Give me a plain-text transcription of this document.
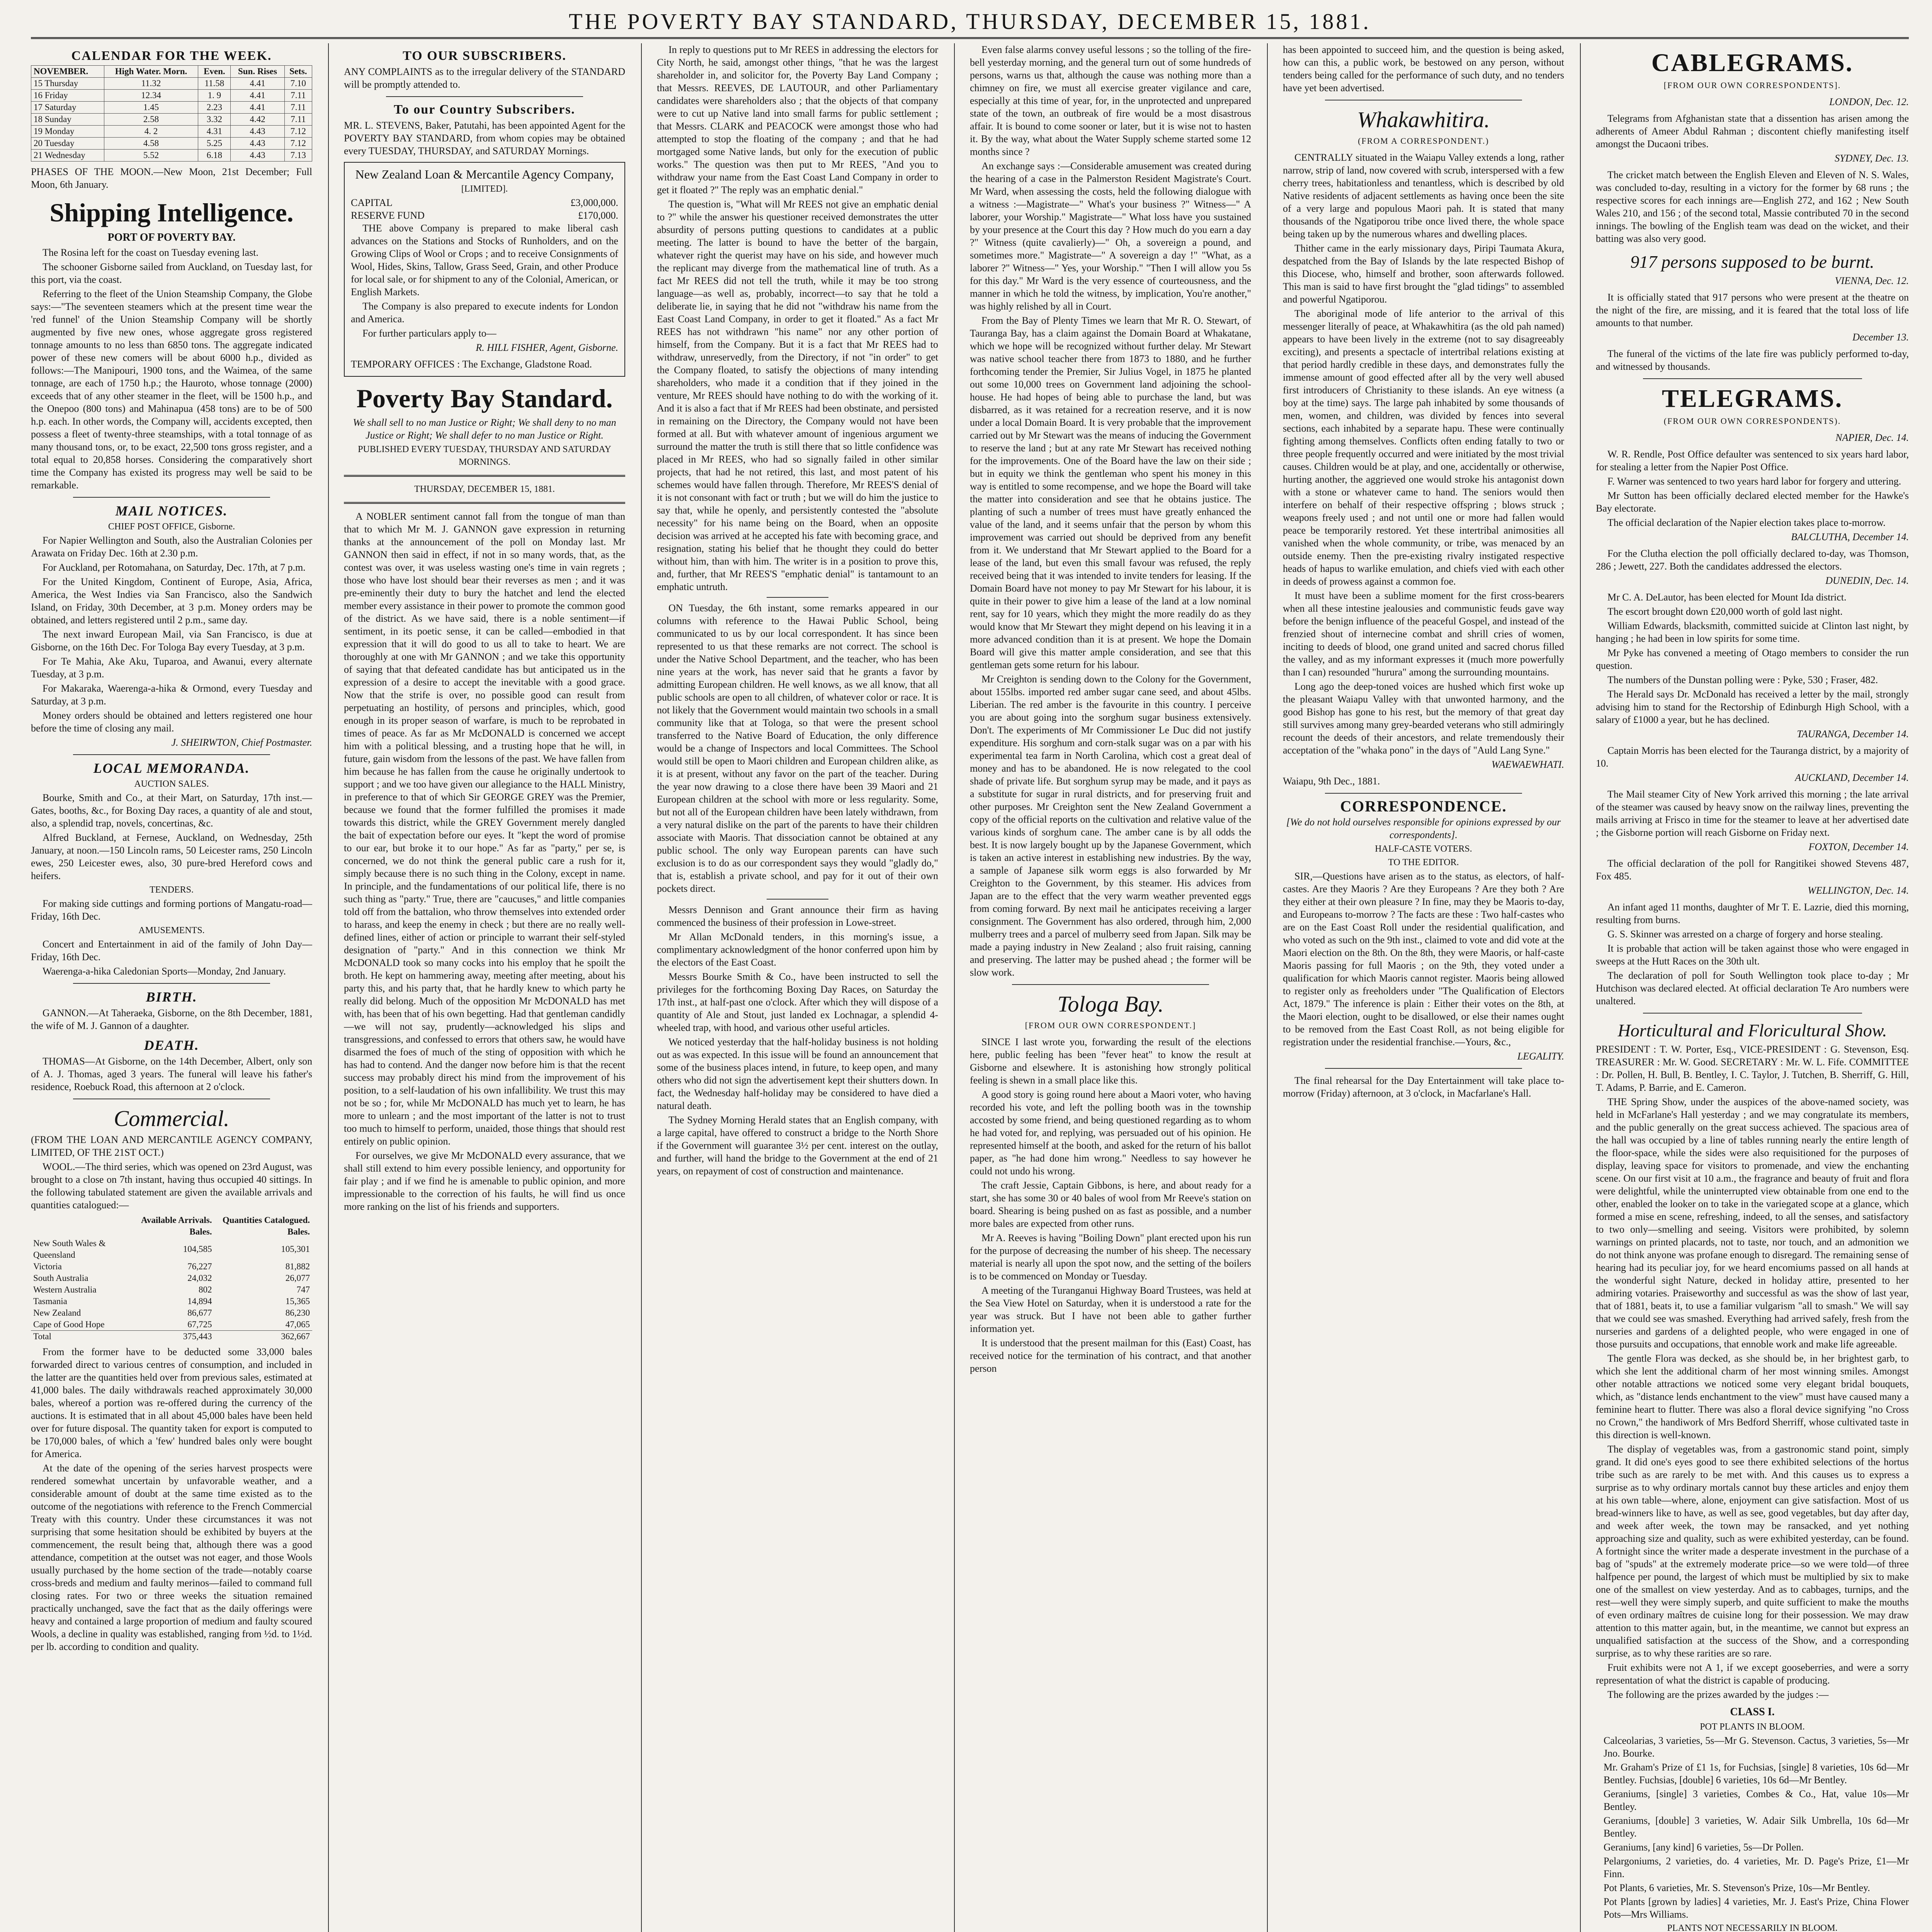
THE POVERTY BAY STANDARD, THURSDAY, DECEMBER 15, 1881.
CALENDAR FOR THE WEEK.
NOVEMBER.	High Water. Morn.	Even.	Sun. Rises	Sets.
15 Thursday	11.32	11.58	4.41	7.10
16 Friday	12.34	1. 9	4.41	7.11
17 Saturday	1.45	2.23	4.41	7.11
18 Sunday	2.58	3.32	4.42	7.11
19 Monday	4. 2	4.31	4.43	7.12
20 Tuesday	4.58	5.25	4.43	7.12
21 Wednesday	5.52	6.18	4.43	7.13

PHASES OF THE MOON.—New Moon, 21st December; Full Moon, 6th January.

Shipping Intelligence.
PORT OF POVERTY BAY.

The Rosina left for the coast on Tuesday evening last.

The schooner Gisborne sailed from Auckland, on Tuesday last, for this port, via the coast.

Referring to the fleet of the Union Steamship Company, the Globe says:—"The seventeen steamers which at the present time wear the 'red funnel' of the Union Steamship Company will be shortly augmented by five new ones, whose aggregate gross registered tonnage amounts to no less than 6850 tons. The aggregate indicated power of these new comers will be about 6000 h.p., divided as follows:—The Manipouri, 1900 tons, and the Waimea, of the same tonnage, are each of 1750 h.p.; the Hauroto, whose tonnage (2000) exceeds that of any other steamer in the fleet, will be 1500 h.p., and the Onepoo (800 tons) and Mahinapua (458 tons) are to be of 500 h.p. each. In other words, the Company will, accidents excepted, then possess a fleet of twenty-three steamships, with a total tonnage of as many thousand tons, or, to be exact, 22,500 tons gross register, and a total equal to 20,858 horses. Considering the comparatively short time the Company has existed its progress may well be said to be remarkable.

MAIL NOTICES.
CHIEF POST OFFICE, Gisborne.

For Napier Wellington and South, also the Australian Colonies per Arawata on Friday Dec. 16th at 2.30 p.m.

For Auckland, per Rotomahana, on Saturday, Dec. 17th, at 7 p.m.

For the United Kingdom, Continent of Europe, Asia, Africa, America, the West Indies via San Francisco, also the Sandwich Island, on Friday, 30th December, at 3 p.m. Money orders may be obtained, and letters registered until 2 p.m., same day.

The next inward European Mail, via San Francisco, is due at Gisborne, on the 16th Dec. For Tologa Bay every Tuesday, at 3 p.m.

For Te Mahia, Ake Aku, Tuparoa, and Awanui, every alternate Tuesday, at 3 p.m.

For Makaraka, Waerenga-a-hika & Ormond, every Tuesday and Saturday, at 3 p.m.

Money orders should be obtained and letters registered one hour before the time of closing any mail.

J. SHEIRWTON, Chief Postmaster.
LOCAL MEMORANDA.
AUCTION SALES.

Bourke, Smith and Co., at their Mart, on Saturday, 17th inst.—Gates, booths, &c., for Boxing Day races, a quantity of ale and stout, also, a splendid trap, novels, concertinas, &c.

Alfred Buckland, at Fernese, Auckland, on Wednesday, 25th January, at noon.—150 Lincoln rams, 50 Leicester rams, 250 Lincoln ewes, 250 Leicester ewes, also, 30 pure-bred Hereford cows and heifers.

TENDERS.

For making side cuttings and forming portions of Mangatu-road—Friday, 16th Dec.

AMUSEMENTS.

Concert and Entertainment in aid of the family of John Day—Friday, 16th Dec.

Waerenga-a-hika Caledonian Sports—Monday, 2nd January.

BIRTH.

GANNON.—At Taheraeka, Gisborne, on the 8th December, 1881, the wife of M. J. Gannon of a daughter.

DEATH.

THOMAS—At Gisborne, on the 14th December, Albert, only son of A. J. Thomas, aged 3 years. The funeral will leave his father's residence, Roebuck Road, this afternoon at 2 o'clock.

Commercial.

(FROM THE LOAN AND MERCANTILE AGENCY COMPANY, LIMITED, OF THE 21ST OCT.)

WOOL.—The third series, which was opened on 23rd August, was brought to a close on 7th instant, having thus occupied 40 sittings. In the following tabulated statement are given the available arrivals and quantities catalogued:—

	Available Arrivals. Bales.	Quantities Catalogued. Bales.
New South Wales & Queensland	104,585	105,301
Victoria	76,227	81,882
South Australia	24,032	26,077
Western Australia	802	747
Tasmania	14,894	15,365
New Zealand	86,677	86,230
Cape of Good Hope	67,725	47,065
Total	375,443	362,667

From the former have to be deducted some 33,000 bales forwarded direct to various centres of consumption, and included in the latter are the quantities held over from previous sales, estimated at 41,000 bales. The daily withdrawals reached approximately 30,000 bales, whereof a portion was re-offered during the currency of the auctions. It is estimated that in all about 45,000 bales have been held over for future disposal. The quantity taken for export is computed to be 170,000 bales, of which a 'few' hundred bales only were bought for America.

At the date of the opening of the series harvest prospects were rendered somewhat uncertain by unfavorable weather, and a considerable amount of doubt at the same time existed as to the outcome of the negotiations with reference to the French Commercial Treaty with this country. Under these circumstances it was not surprising that some hesitation should be exhibited by buyers at the commencement, the result being that, although there was a good attendance, competition at the outset was not eager, and those Wools usually purchased by the home section of the trade—notably coarse cross-breds and medium and faulty merinos—failed to command full closing rates. For two or three weeks the situation remained practically unchanged, save the fact that as the daily offerings were heavy and contained a large proportion of medium and faulty scoured Wools, a decline in quality was established, ranging from ½d. to 1½d. per lb. according to condition and quality.

TO OUR SUBSCRIBERS.

ANY COMPLAINTS as to the irregular delivery of the STANDARD will be promptly attended to.

To our Country Subscribers.

MR. L. STEVENS, Baker, Patutahi, has been appointed Agent for the POVERTY BAY STANDARD, from whom copies may be obtained every TUESDAY, THURSDAY, and SATURDAY Mornings.

New Zealand Loan & Mercantile Agency Company,
[LIMITED].
CAPITAL	£3,000,000.
RESERVE FUND	£170,000.

THE above Company is prepared to make liberal cash advances on the Stations and Stocks of Runholders, and on the Growing Clips of Wool or Crops ; and to receive Consignments of Wool, Hides, Skins, Tallow, Grass Seed, Grain, and other Produce for local sale, or for shipment to any of the Colonial, American, or English Markets.

The Company is also prepared to execute indents for London and America.

For further particulars apply to—

R. HILL FISHER, Agent, Gisborne.

TEMPORARY OFFICES : The Exchange, Gladstone Road.

Poverty Bay Standard.

We shall sell to no man Justice or Right; We shall deny to no man Justice or Right; We shall defer to no man Justice or Right.

PUBLISHED EVERY TUESDAY, THURSDAY AND SATURDAY MORNINGS.
THURSDAY, DECEMBER 15, 1881.

A NOBLER sentiment cannot fall from the tongue of man than that to which Mr M. J. GANNON gave expression in returning thanks at the announcement of the poll on Monday last. Mr GANNON then said in effect, if not in so many words, that, as the contest was over, it was useless wasting one's time in vain regrets ; those who have lost should bear their reverses as men ; and it was pre-eminently their duty to bury the hatchet and lend the elected member every assistance in their power to promote the common good of the district. As we have said, there is a noble sentiment—if sentiment, in its poetic sense, it can be called—embodied in that expression that it will do good to us all to take to heart. We are thoroughly at one with Mr GANNON ; and we take this opportunity of saying that that defeated candidate has but anticipated us in the expression of a desire to accept the inevitable with a good grace. Now that the strife is over, no possible good can result from perpetuating an hostility, of persons and principles, which, good enough in its proper season of warfare, is much to be reprobated in times of peace. As far as Mr McDONALD is concerned we accept him with a political blessing, and a trusting hope that he will, in future, gain wisdom from the lessons of the past. We have fallen from him because he has fallen from the cause he originally undertook to support ; and we too have given our allegiance to the HALL Ministry, in preference to that of which Sir GEORGE GREY was the Premier, because we found that the former fulfilled the promises it made towards this district, while the GREY Government merely dangled the bait of expectation before our eyes. It "kept the word of promise to our ear, but broke it to our hope." As far as "party," per se, is concerned, we do not think the general public care a rush for it, simply because there is no such thing in the Colony, except in name. In principle, and the fundamentations of our political life, there is no such thing as "party." True, there are "caucuses," and little companies told off from the battalion, who throw themselves into extended order to harass, and keep the enemy in check ; but there are no really well-defined lines, either of action or principle to warrant their self-styled designation of "party." And in this connection we think Mr McDONALD took so many cocks into his employ that he spoilt the broth. He kept on hammering away, meeting after meeting, about his party this, and his party that, that he hardly knew to which party he really did belong. Much of the opposition Mr McDONALD has met with, has been that of his own begetting. Had that gentleman candidly—we will not say, prudently—acknowledged his slips and transgressions, and confessed to errors that others saw, he would have disarmed the foes of much of the sting of opposition with which he has had to contend. And the danger now before him is that the recent success may probably direct his mind from the improvement of his position, to a self-laudation of his own infallibility. We trust this may not be so ; for, while Mr McDONALD has much yet to learn, he has more to unlearn ; and the most important of the latter is not to trust too much to himself to perform, unaided, those things that should rest entirely on public opinion.

For ourselves, we give Mr McDONALD every assurance, that we shall still extend to him every possible leniency, and opportunity for fair play ; and if we find he is amenable to public opinion, and more impressionable to the correction of his faults, he will find us once more ranking on the list of his friends and supporters.

In reply to questions put to Mr REES in addressing the electors for City North, he said, amongst other things, "that he was the largest shareholder in, and solicitor for, the Poverty Bay Land Company ; that Messrs. REEVES, DE LAUTOUR, and other Parliamentary candidates were shareholders also ; that the objects of that company were to cut up Native land into small farms for public settlement ; that Messrs. CLARK and PEACOCK were amongst those who had attempted to stop the floating of the company ; and that he had mortgaged some Native lands, but only for the execution of public works." The question was then put to Mr REES, "And you to withdraw your name from the East Coast Land Company in order to get it floated ?" The reply was an emphatic denial."

The question is, "What will Mr REES not give an emphatic denial to ?" while the answer his questioner received demonstrates the utter absurdity of persons putting questions to candidates at a public meeting. The latter is bound to have the better of the bargain, whatever right the querist may have on his side, and however much the replicant may diverge from the mathematical line of truth. As a fact Mr REES did not tell the truth, while it may be too strong language—as well as, probably, incorrect—to say that he told a deliberate lie, in saying that he did not "withdraw his name from the East Coast Land Company, in order to get it floated." As a fact Mr REES has not withdrawn "his name" nor any other portion of himself, from the Company. But it is a fact that Mr REES had to withdraw, unreservedly, from the Directory, if not "in order" to get the Company floated, to satisfy the objections of many intending shareholders, who made it a condition that if they joined in the venture, Mr REES should have nothing to do with the working of it. And it is also a fact that if Mr REES had been obstinate, and persisted in remaining on the Directory, the Company would not have been formed at all. But with whatever amount of ingenious argument we surround the matter the truth is still there that so little confidence was placed in Mr REES, who had so signally failed in other similar projects, that had he not retired, this last, and most patent of his schemes would have fallen through. Therefore, Mr REES'S denial of it is not consonant with fact or truth ; but we will do him the justice to say that, while he openly, and persistently contested the "absolute necessity" for his name being on the Board, when an opposite decision was arrived at he accepted his fate with becoming grace, and resignation, stating his belief that he thought they could do better without him, than with him. The writer is in a position to prove this, and, further, that Mr REES'S "emphatic denial" is tantamount to an emphatic untruth.

ON Tuesday, the 6th instant, some remarks appeared in our columns with reference to the Hawai Public School, being communicated to us by our local correspondent. It has since been represented to us that these remarks are not correct. The school is under the Native School Department, and the teacher, who has been nine years at the work, has never said that he grants a favor by admitting European children. He well knows, as we all know, that all public schools are open to all children, of whatever color or race. It is not likely that the Government would maintain two schools in a small community like that at Tologa, so that were the present school transferred to the Native Board of Education, the only difference would be a change of Inspectors and local Committees. The School would still be open to Maori children and European children alike, as it is at present, without any favor on the part of the teacher. During the year now drawing to a close there have been 39 Maori and 21 European children at the school with more or less regularity. Some, but not all of the European children have been lately withdrawn, from a very natural dislike on the part of the parents to have their children associate with Maoris. That dissociation cannot be obtained at any public school. The only way European parents can have such exclusion is to do as our correspondent says they would "gladly do," that is, establish a private school, and pay for it out of their own pockets direct.

Messrs Dennison and Grant announce their firm as having commenced the business of their profession in Lowe-street.

Mr Allan McDonald tenders, in this morning's issue, a complimentary acknowledgment of the honor conferred upon him by the electors of the East Coast.

Messrs Bourke Smith & Co., have been instructed to sell the privileges for the forthcoming Boxing Day Races, on Saturday the 17th inst., at half-past one o'clock. After which they will dispose of a quantity of Ale and Stout, just landed ex Lochnagar, a splendid 4-wheeled trap, with hood, and various other useful articles.

We noticed yesterday that the half-holiday business is not holding out as was expected. In this issue will be found an announcement that some of the business places intend, in future, to keep open, and many others who did not sign the advertisement kept their shutters down. In fact, the Wednesday half-holiday may be considered to have died a natural death.

The Sydney Morning Herald states that an English company, with a large capital, have offered to construct a bridge to the North Shore if the Government will guarantee 3½ per cent. interest on the outlay, and further, will hand the bridge to the Government at the end of 21 years, on repayment of cost of construction and maintenance.

Even false alarms convey useful lessons ; so the tolling of the fire-bell yesterday morning, and the general turn out of some hundreds of persons, warns us that, although the cause was nothing more than a chimney on fire, we must all exercise greater vigilance and care, especially at this time of year, for, in the unprotected and unprepared state of the town, an outbreak of fire would be a most disastrous affair. It is bound to come sooner or later, but it is wise not to hasten it. By the way, what about the Water Supply scheme started some 12 months since ?

An exchange says :—Considerable amusement was created during the hearing of a case in the Palmerston Resident Magistrate's Court. Mr Ward, when assessing the costs, held the following dialogue with a witness :—Magistrate—" What's your business ?" Witness—" A laborer, your Worship." Magistrate—" What loss have you sustained by your presence at the Court this day ? How much do you earn a day ?" Witness (quite cavalierly)—" Oh, a sovereign a pound, and sometimes more." Magistrate—" A sovereign a day !" "What, as a laborer ?" Witness—" Yes, your Worship." "Then I will allow you 5s for this day." Mr Ward is the very essence of courteousness, and the manner in which he told the witness, by implication, You're another," was highly relished by all in Court.

From the Bay of Plenty Times we learn that Mr R. O. Stewart, of Tauranga Bay, has a claim against the Domain Board at Whakatane, which we hope will be recognized without further delay. Mr Stewart was native school teacher there from 1873 to 1880, and he further forthcoming tender the Premier, Sir Julius Vogel, in 1875 he planted out some 10,000 trees on Government land adjoining the school-house. He had hopes of being able to purchase the land, but was disbarred, as it was retained for a recreation reserve, and it is now under a local Domain Board. It is very probable that the improvement carried out by Mr Stewart was the means of inducing the Government to reserve the land ; but at any rate Mr Stewart has received nothing for the improvements. One of the Board have the law on their side ; but in equity we think the gentleman who spent his money in this way is entitled to some recompense, and we hope the Board will take the matter into consideration and see that he obtains justice. The planting of such a number of trees must have greatly enhanced the value of the land, and it seems unfair that the person by whom this improvement was carried out should be deprived from any benefit from it. We understand that Mr Stewart applied to the Board for a lease of the land, but even this small favour was refused, the reply received being that it was intended to invite tenders for leasing. If the Domain Board have not money to pay Mr Stewart for his labour, it is quite in their power to give him a lease of the land at a low nominal rent, say for 10 years, which they might the more readily do as they would know that Mr Stewart they might depend on his leaving it in a more advanced condition than it is at present. We hope the Domain Board will give this matter ample consideration, and see that this gentleman gets some return for his labour.

Mr Creighton is sending down to the Colony for the Government, about 155lbs. imported red amber sugar cane seed, and about 45lbs. Liberian. The red amber is the favourite in this country. I perceive you are about going into the sorghum sugar business extensively. Don't. The experiments of Mr Commissioner Le Duc did not justify expenditure. His sorghum and corn-stalk sugar was on a par with his experimental tea farm in North Carolina, which cost a great deal of money and has to be abandoned. He is now relegated to the cool shade of private life. But sorghum syrup may be made, and it pays as a substitute for sugar in rural districts, and for preserving fruit and other purposes. Mr Creighton sent the New Zealand Government a copy of the official reports on the cultivation and relative value of the various kinds of sorghum cane. The amber cane is by all odds the best. It is now largely bought up by the Japanese Government, which is taken an active interest in establishing new industries. By the way, a sample of Japanese silk worm eggs is also forwarded by Mr Creighton to the Government, by this steamer. His advices from Japan are to the effect that the very warm weather prevented eggs from coming forward. By next mail he anticipates receiving a larger consignment. The Government has also ordered, through him, 2,000 mulberry trees and a parcel of mulberry seed from Japan. Silk may be made a paying industry in New Zealand ; also fruit raising, canning and preserving. The latter may be pushed ahead ; the former will be slow work.

Tologa Bay.
[FROM OUR OWN CORRESPONDENT.]

SINCE I last wrote you, forwarding the result of the elections here, public feeling has been "fever heat" to know the result at Gisborne and elsewhere. It is astonishing how strongly political feeling is shewn in a small place like this.

A good story is going round here about a Maori voter, who having recorded his vote, and left the polling booth was in the township accosted by some friend, and being questioned regarding as to whom he had voted for, and replying, was persuaded out of his opinion. He represented himself at the booth, and asked for the return of his ballot paper, as "he had done him wrong." Needless to say however he could not undo his wrong.

The craft Jessie, Captain Gibbons, is here, and about ready for a start, she has some 30 or 40 bales of wool from Mr Reeve's station on board. Shearing is being pushed on as fast as possible, and a number more bales are expected from other runs.

Mr A. Reeves is having "Boiling Down" plant erected upon his run for the purpose of decreasing the number of his sheep. The necessary material is nearly all upon the spot now, and the setting of the boilers is to be commenced on Monday or Tuesday.

A meeting of the Turanganui Highway Board Trustees, was held at the Sea View Hotel on Saturday, when it is understood a rate for the year was struck. But I have not been able to gather further information yet.

It is understood that the present mailman for this (East) Coast, has received notice for the termination of his contract, and that another person

has been appointed to succeed him, and the question is being asked, how can this, a public work, be bestowed on any person, without tenders being called for the performance of such duty, and no tenders have yet been advertised.

Whakawhitira.
(FROM A CORRESPONDENT.)

CENTRALLY situated in the Waiapu Valley extends a long, rather narrow, strip of land, now covered with scrub, interspersed with a few cherry trees, habitationless and tenantless, which is described by old Native residents of adjacent settlements as having once been the site of a very large and populous Maori pah. It is stated that many thousands of the Ngatiporou tribe once lived there, the whole space being taken up by the numerous whares and dwelling places.

Thither came in the early missionary days, Piripi Taumata Akura, despatched from the Bay of Islands by the late respected Bishop of this Diocese, who, himself and brother, soon afterwards followed. This man is said to have first brought the "glad tidings" to assembled and powerful Ngatiporou.

The aboriginal mode of life anterior to the arrival of this messenger literally of peace, at Whakawhitira (as the old pah named) appears to have been lively in the extreme (not to say disagreeably exciting), and presents a spectacle of intertribal relations existing at that period hardly credible in these days, and demonstrates fully the immense amount of good effected after all by the very well abused first introducers of Christianity to these islands. An eye witness (a boy at the time) says. The large pah inhabited by some thousands of men, women, and children, was divided by fences into several sections, each inhabited by a separate hapu. These were continually fighting among themselves. Conflicts often ending fatally to two or three people frequently occurred and were initiated by the most trivial causes. Children would be at play, and one, accidentally or otherwise, hurting another, the aggrieved one would stroke his antagonist down with a stone or whatever came to hand. The seniors would then interfere on behalf of their respective offspring ; blows struck ; weapons freely used ; and not until one or more had fallen would peace be temporarily restored. Yet these intertribal animosities all vanished when the whole community, or tribe, was menaced by an outside enemy. Then the pre-existing rivalry instigated respective heads of hapus to warlike emulation, and chiefs vied with each other in deeds of prowess against a common foe.

It must have been a sublime moment for the first cross-bearers when all these intestine jealousies and communistic feuds gave way before the benign influence of the peaceful Gospel, and instead of the frenzied shout of internecine combat and shrill cries of women, inciting to deeds of blood, one grand united and sacred chorus filled the valley, and as my informant expresses it (much more powerfully than I can) resounded "hurura" among the surrounding mountains.

Long ago the deep-toned voices are hushed which first woke up the pleasant Waiapu Valley with that unwonted harmony, and the good Bishop has gone to his rest, but the memory of that great day still survives among many grey-bearded veterans who still admiringly recount the deeds of their ancestors, and relate tremendously their acceptation of the "whaka pono" in the days of "Auld Lang Syne."

WAEWAEWHATI.

Waiapu, 9th Dec., 1881.

CORRESPONDENCE.

[We do not hold ourselves responsible for opinions expressed by our correspondents].

HALF-CASTE VOTERS.
TO THE EDITOR.

SIR,—Questions have arisen as to the status, as electors, of half-castes. Are they Maoris ? Are they Europeans ? Are they both ? Are they either at their own pleasure ? In fine, may they be Maoris to-day, and Europeans to-morrow ? The facts are these : Two half-castes who are on the East Coast Roll under the residential qualification, and who voted as such on the 9th inst., claimed to vote and did vote at the Maori election on the 8th. On the 8th, they were Maoris, or half-caste Maoris passing for full Maoris ; on the 9th, they voted under a qualification for which Maoris cannot register. Maoris being allowed to register only as freeholders under "The Qualification of Electors Act, 1879." The inference is plain : Either their votes on the 8th, at the Maori election, ought to be disallowed, or else their names ought to be removed from the East Coast Roll, as not being eligible for registration under the residential franchise.—Yours, &c.,

LEGALITY.

The final rehearsal for the Day Entertainment will take place to-morrow (Friday) afternoon, at 3 o'clock, in Macfarlane's Hall.

CABLEGRAMS.
[FROM OUR OWN CORRESPONDENTS].
LONDON, Dec. 12.

Telegrams from Afghanistan state that a dissention has arisen among the adherents of Ameer Abdul Rahman ; discontent chiefly manifesting itself amongst the Ducaoni tribes.

SYDNEY, Dec. 13.

The cricket match between the English Eleven and Eleven of N. S. Wales, was concluded to-day, resulting in a victory for the former by 68 runs ; the respective scores for each innings are—English 272, and 162 ; New South Wales 210, and 156 ; of the second total, Massie contributed 70 in the second innings. The bowling of the English team was dead on the wicket, and their batting was also very good.

917 persons supposed to be burnt.
VIENNA, Dec. 12.

It is officially stated that 917 persons who were present at the theatre on the night of the fire, are missing, and it is feared that the total loss of life amounts to that number.

December 13.

The funeral of the victims of the late fire was publicly performed to-day, and witnessed by thousands.

TELEGRAMS.
(FROM OUR OWN CORRESPONDENTS).
NAPIER, Dec. 14.

W. R. Rendle, Post Office defaulter was sentenced to six years hard labor, for stealing a letter from the Napier Post Office.

F. Warner was sentenced to two years hard labor for forgery and uttering.

Mr Sutton has been officially declared elected member for the Hawke's Bay electorate.

The official declaration of the Napier election takes place to-morrow.

BALCLUTHA, December 14.

For the Clutha election the poll officially declared to-day, was Thomson, 286 ; Jewett, 227. Both the candidates addressed the electors.

DUNEDIN, Dec. 14.

Mr C. A. DeLautor, has been elected for Mount Ida district.

The escort brought down £20,000 worth of gold last night.

William Edwards, blacksmith, committed suicide at Clinton last night, by hanging ; he had been in low spirits for some time.

Mr Pyke has convened a meeting of Otago members to consider the run question.

The numbers of the Dunstan polling were : Pyke, 530 ; Fraser, 482.

The Herald says Dr. McDonald has received a letter by the mail, strongly advising him to stand for the Rectorship of Edinburgh High School, with a salary of £1000 a year, but he has declined.

TAURANGA, December 14.

Captain Morris has been elected for the Tauranga district, by a majority of 10.

AUCKLAND, December 14.

The Mail steamer City of New York arrived this morning ; the late arrival of the steamer was caused by heavy snow on the railway lines, preventing the mails arriving at Frisco in time for the steamer to leave at her advertised date ; the Gisborne portion will reach Gisborne on Friday next.

FOXTON, December 14.

The official declaration of the poll for Rangitikei showed Stevens 487, Fox 485.

WELLINGTON, Dec. 14.

An infant aged 11 months, daughter of Mr T. E. Lazrie, died this morning, resulting from burns.

G. S. Skinner was arrested on a charge of forgery and horse stealing.

It is probable that action will be taken against those who were engaged in sweeps at the Hutt Races on the 30th ult.

The declaration of poll for South Wellington took place to-day ; Mr Hutchison was declared elected. At official declaration Te Aro numbers were unaltered.

Horticultural and Floricultural Show.

PRESIDENT : T. W. Porter, Esq., VICE-PRESIDENT : G. Stevenson, Esq. TREASURER : Mr. W. Good. SECRETARY : Mr. W. L. Fife. COMMITTEE : Dr. Pollen, H. Bull, B. Bentley, I. C. Taylor, J. Tutchen, B. Sherriff, G. Hill, T. Adams, P. Barrie, and E. Cameron.

THE Spring Show, under the auspices of the above-named society, was held in McFarlane's Hall yesterday ; and we may congratulate its members, and the public generally on the great success achieved. The spacious area of the hall was occupied by a line of tables running nearly the entire length of the floor-space, while the sides were also requisitioned for the purposes of display, leaving space for visitors to promenade, and view the enchanting scene. On our first visit at 10 a.m., the fragrance and beauty of fruit and flora were delightful, while the uninterrupted view obtainable from one end to the other, enabled the looker on to take in the variegated scope at a glance, which formed a mise en scene, refreshing, indeed, to all the senses, and satisfactory to two only—smelling and seeing. Visitors were prohibited, by solemn warnings on printed placards, not to taste, nor touch, and an admonition we do not think anyone was profane enough to disregard. The remaining sense of hearing had its peculiar joy, for we heard encomiums passed on all hands at the wonderful sight Nature, decked in holiday attire, presented to her admiring votaries. Praiseworthy and successful as was the show of last year, that of 1881, beats it, to use a familiar vulgarism "all to smash." We will say that we could see was smashed. Everything had arrived safely, fresh from the nurseries and gardens of a delighted people, who were engaged in one of those pursuits and occupations, that ennoble work and make life agreeable.

The gentle Flora was decked, as she should be, in her brightest garb, to which she lent the additional charm of her most winning smiles. Amongst other notable attractions we noticed some very elegant bridal bouquets, which, as "distance lends enchantment to the view" must have caused many a feminine heart to flutter. There was also a floral device signifying "no Cross no Crown," the handiwork of Mrs Bedford Sherriff, whose cultivated taste in this direction is well-known.

The display of vegetables was, from a gastronomic stand point, simply grand. It did one's eyes good to see there exhibited selections of the hortus tribe such as are rarely to be met with. And this causes us to express a surprise as to why ordinary mortals cannot buy these articles and enjoy them at his own table—where, alone, enjoyment can give satisfaction. Most of us bread-winners like to have, as well as see, good vegetables, but day after day, and week after week, the town may be ransacked, and yet nothing approaching size and quality, such as were exhibited yesterday, can be found. A fortnight since the writer made a desperate investment in the purchase of a bag of "spuds" at the extremely moderate price—so we were told—of three halfpence per pound, the largest of which must be multiplied by six to make one of the smallest on view yesterday. And as to cabbages, turnips, and the rest—well they were simply superb, and quite sufficient to make the mouths of even ordinary maîtres de cuisine long for their possession. We may draw attention to this matter again, but, in the meantime, we cannot but express an unqualified satisfaction at the success of the Show, and a corresponding surprise, as to why these rarities are so rare.

Fruit exhibits were not A 1, if we except gooseberries, and were a sorry representation of what the district is capable of producing.

The following are the prizes awarded by the judges :—

CLASS I.
POT PLANTS IN BLOOM.

Calceolarias, 3 varieties, 5s—Mr G. Stevenson. Cactus, 3 varieties, 5s—Mr Jno. Bourke.

Mr. Graham's Prize of £1 1s, for Fuchsias, [single] 8 varieties, 10s 6d—Mr Bentley. Fuchsias, [double] 6 varieties, 10s 6d—Mr Bentley.

Geraniums, [single] 3 varieties, Combes & Co., Hat, value 10s—Mr Bentley.

Geraniums, [double] 3 varieties, W. Adair Silk Umbrella, 10s 6d—Mr Bentley.

Geraniums, [any kind] 6 varieties, 5s—Dr Pollen.

Pelargoniums, 2 varieties, do. 4 varieties, Mr. D. Page's Prize, £1—Mr Finn.

Pot Plants, 6 varieties, Mr. S. Stevenson's Prize, 10s—Mr Bentley.

Pot Plants [grown by ladies] 4 varieties, Mr. J. East's Prize, China Flower Pots—Mrs Williams.

PLANTS NOT NECESSARILY IN BLOOM.
